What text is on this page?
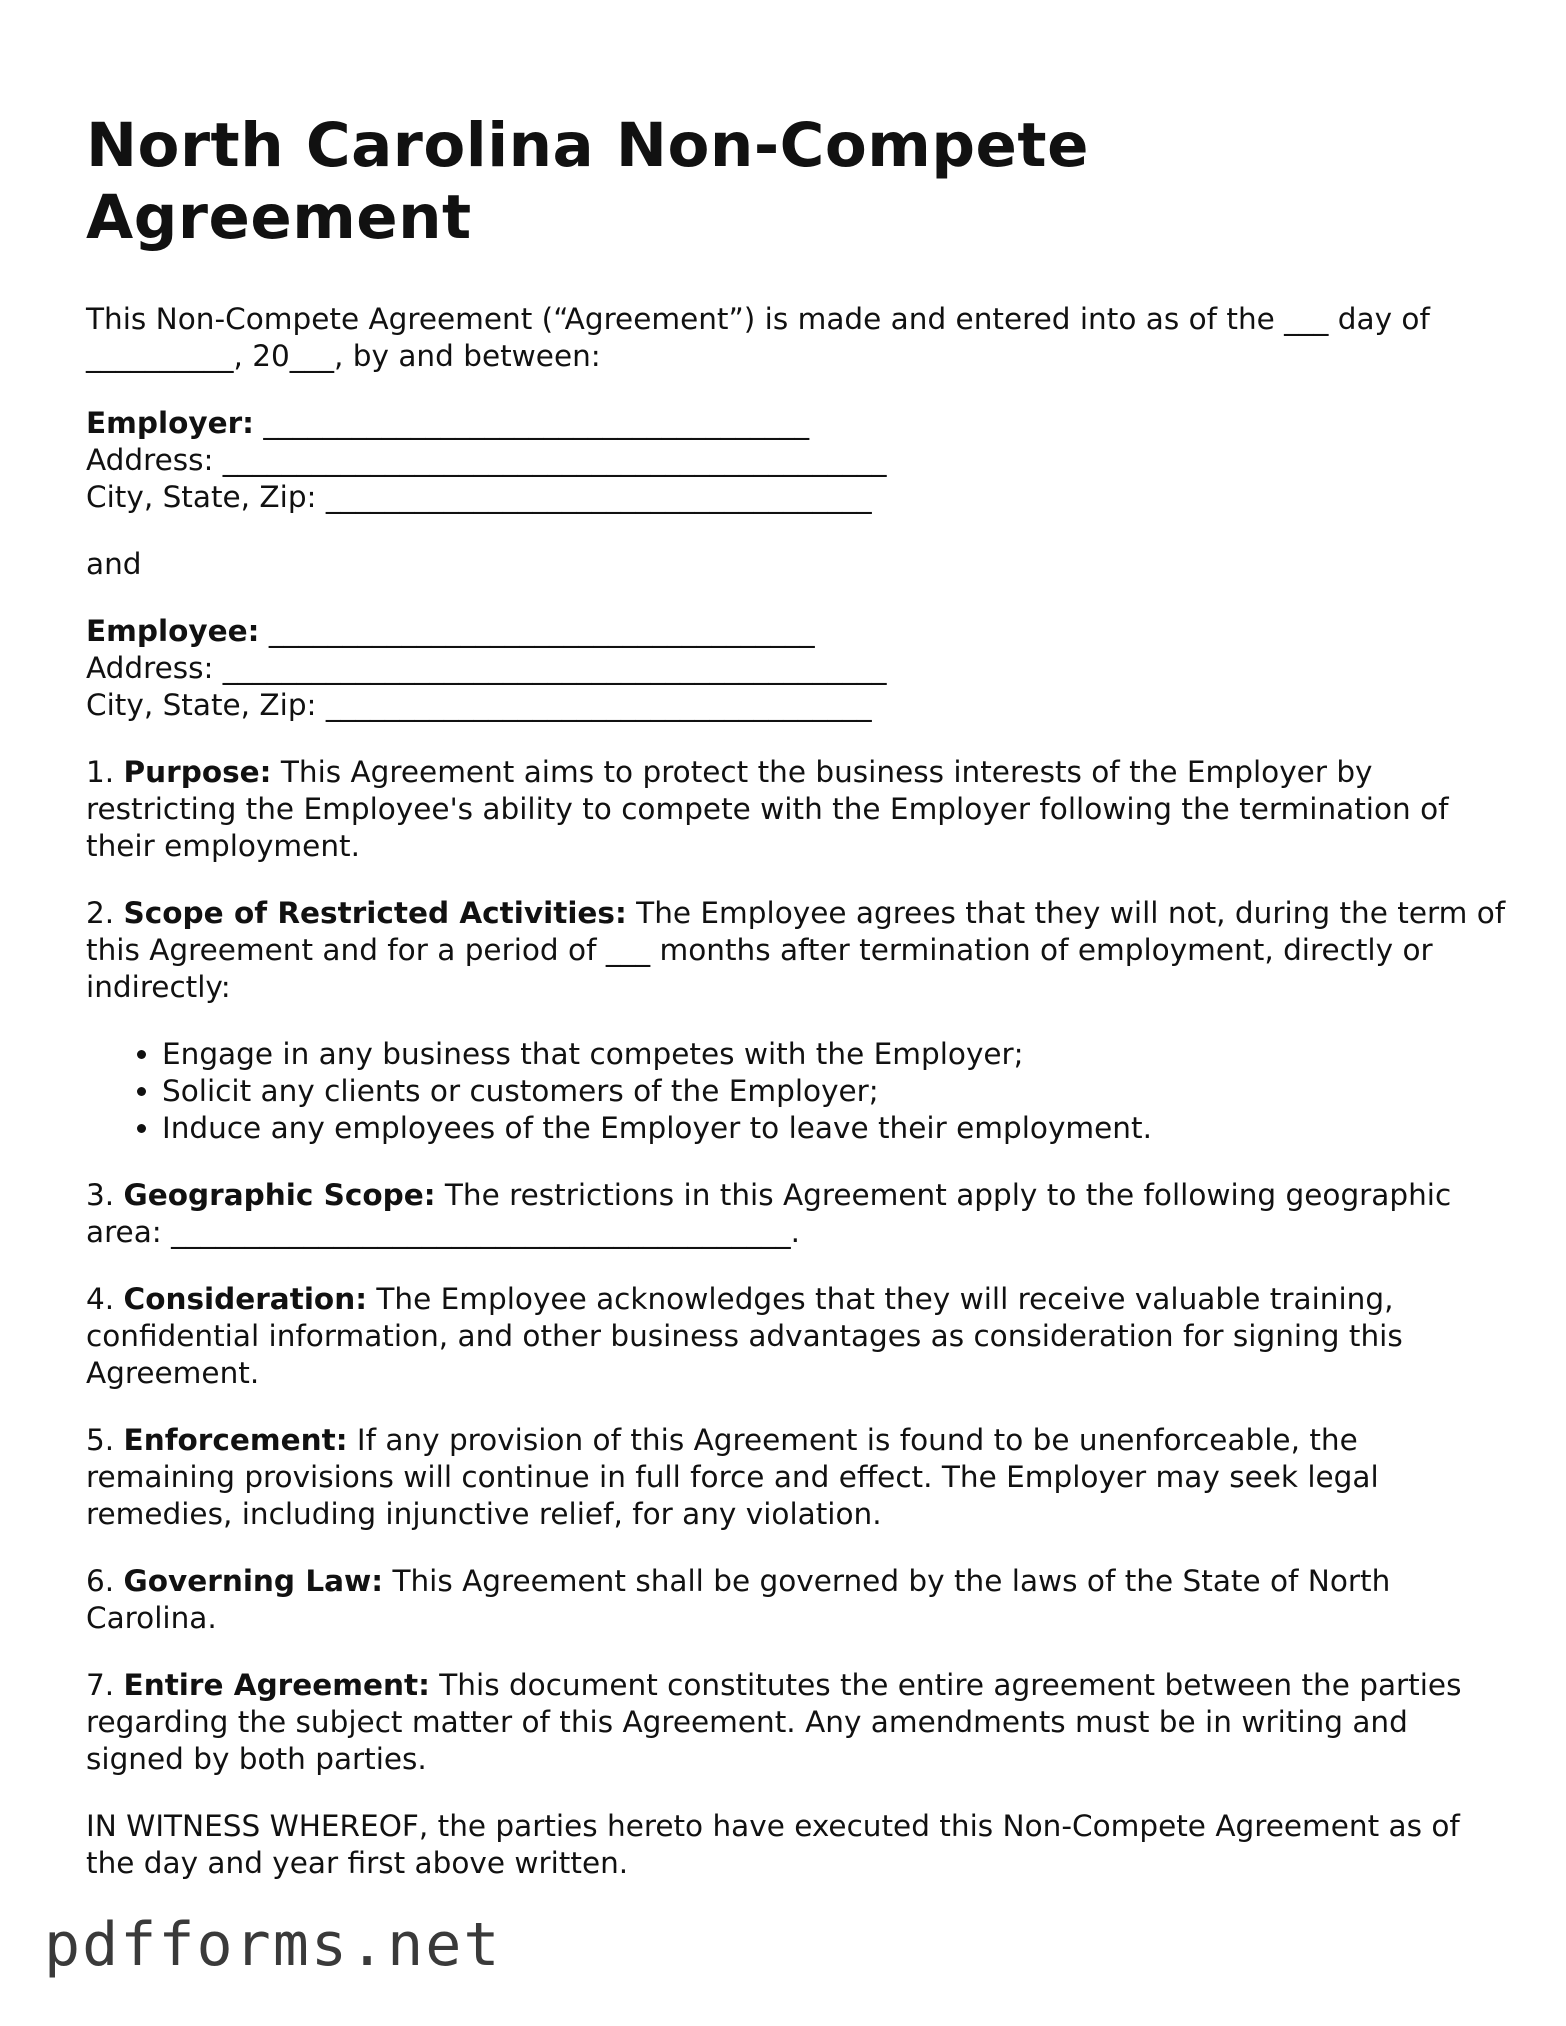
North Carolina Non-Compete Agreement

This Non-Compete Agreement (“Agreement”) is made and entered into as of the ___ day of __________, 20___, by and between:

Employer: _____________________________________
Address: _____________________________________________
City, State, Zip: _____________________________________

and

Employee: _____________________________________
Address: _____________________________________________
City, State, Zip: _____________________________________

1. Purpose: This Agreement aims to protect the business interests of the Employer by restricting the Employee's ability to compete with the Employer following the termination of their employment.

2. Scope of Restricted Activities: The Employee agrees that they will not, during the term of this Agreement and for a period of ___ months after termination of employment, directly or indirectly:

• Engage in any business that competes with the Employer;
• Solicit any clients or customers of the Employer;
• Induce any employees of the Employer to leave their employment.

3. Geographic Scope: The restrictions in this Agreement apply to the following geographic area: __________________________________________.

4. Consideration: The Employee acknowledges that they will receive valuable training, confidential information, and other business advantages as consideration for signing this Agreement.

5. Enforcement: If any provision of this Agreement is found to be unenforceable, the remaining provisions will continue in full force and effect. The Employer may seek legal remedies, including injunctive relief, for any violation.

6. Governing Law: This Agreement shall be governed by the laws of the State of North Carolina.

7. Entire Agreement: This document constitutes the entire agreement between the parties regarding the subject matter of this Agreement. Any amendments must be in writing and signed by both parties.

IN WITNESS WHEREOF, the parties hereto have executed this Non-Compete Agreement as of the day and year first above written.

pdfforms.net
